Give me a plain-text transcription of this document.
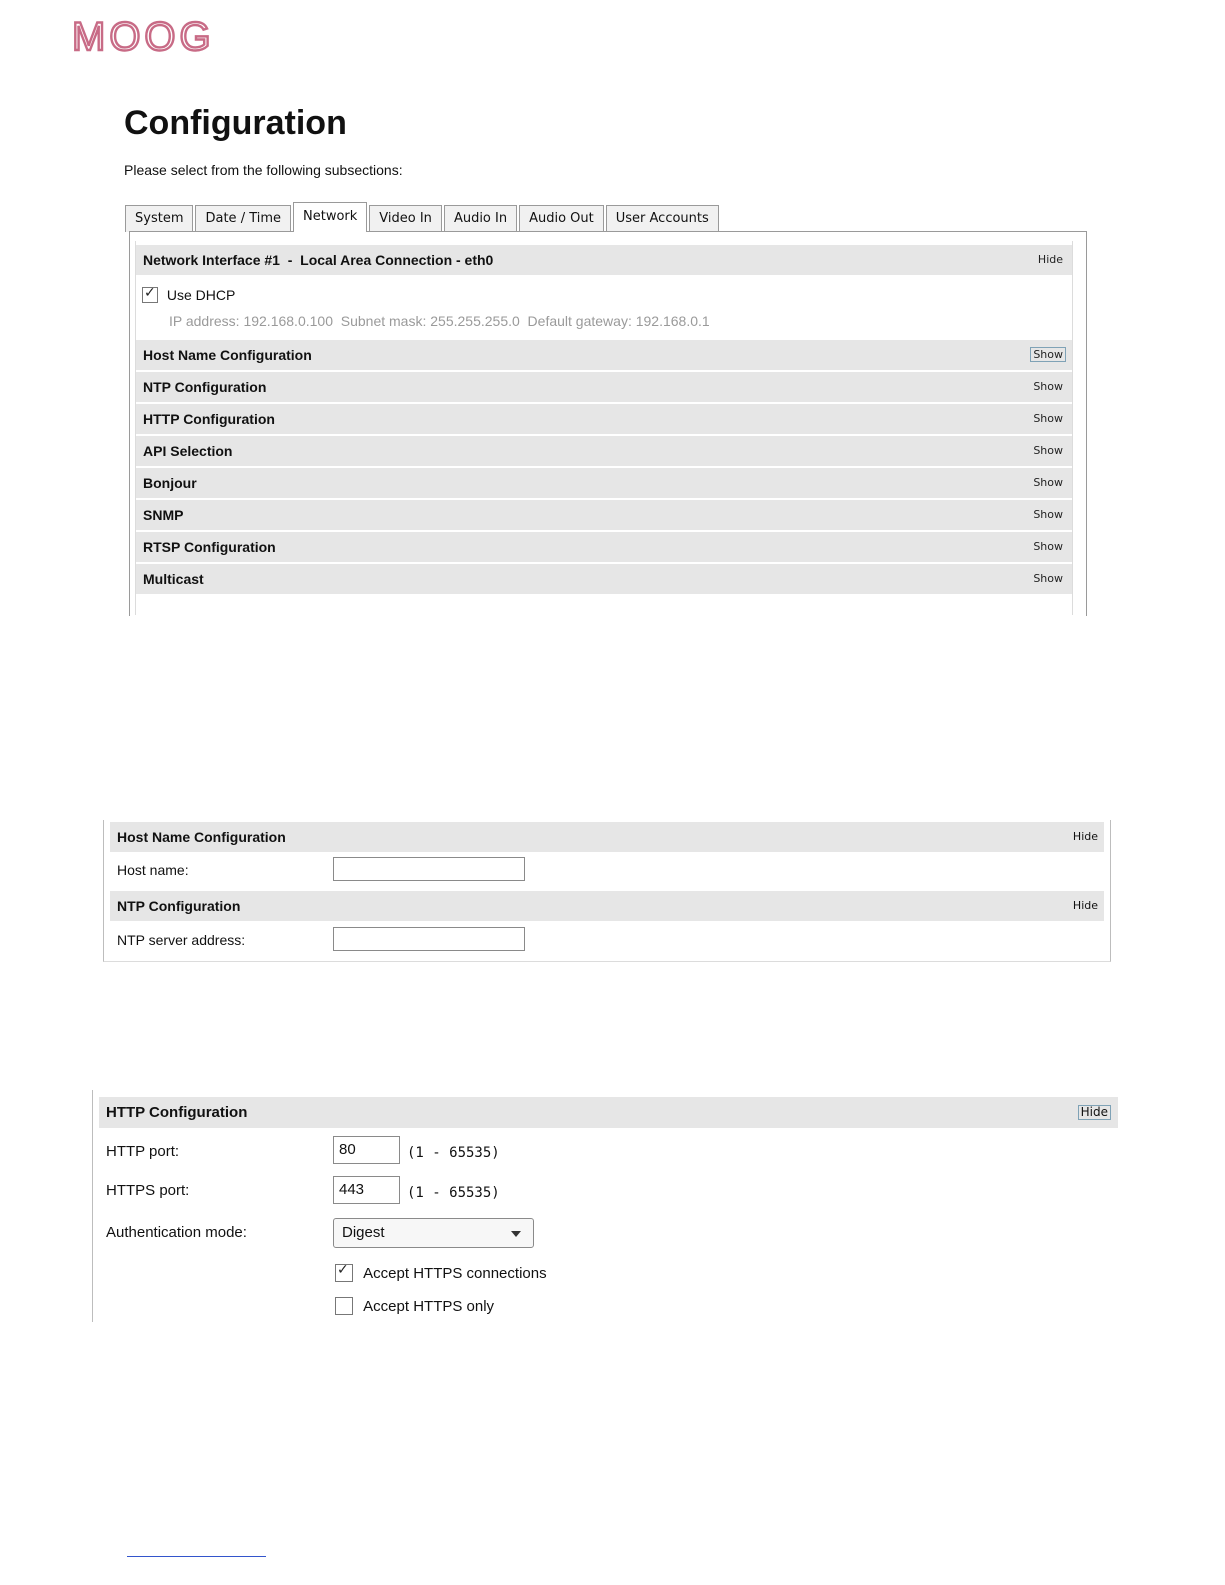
MOOG
Configuration
Please select from the following subsections:
System	Date / Time	Network	Video In	Audio In	Audio Out	User Accounts
Network Interface #1  -  Local Area Connection - eth0	Hide
Host Name Configuration	Show
NTP Configuration	Show
HTTP Configuration	Show
API Selection	Show
Bonjour	Show
SNMP	Show
RTSP Configuration	Show
Multicast	Show
✓ Use DHCP
IP address: 192.168.0.100  Subnet mask: 255.255.255.0  Default gateway: 192.168.0.1
Host Name Configuration	Hide
Host name:
NTP Configuration	Hide
NTP server address:
HTTP Configuration	Hide
HTTP port:	80	(1 - 65535)
HTTPS port:	443	(1 - 65535)
Authentication mode:	Digest
✓ Accept HTTPS connections
Accept HTTPS only
